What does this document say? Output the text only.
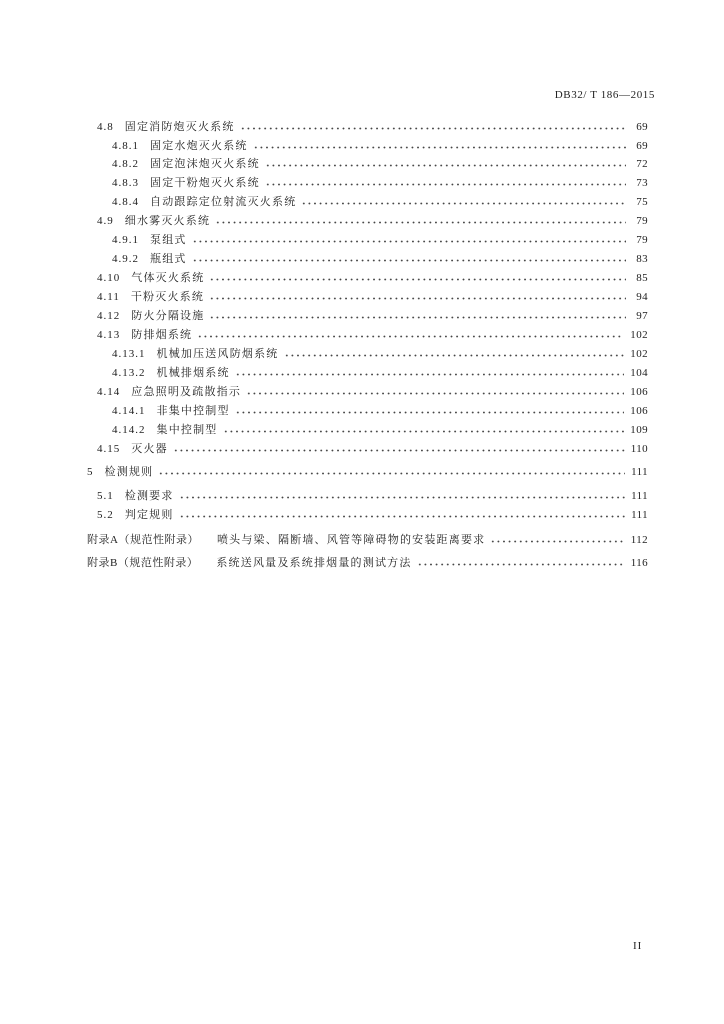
DB32/ T 186—2015
4.8 固定消防炮灭火系统	69
4.8.1 固定水炮灭火系统	69
4.8.2 固定泡沫炮灭火系统	72
4.8.3 固定干粉炮灭火系统	73
4.8.4 自动跟踪定位射流灭火系统	75
4.9 细水雾灭火系统	79
4.9.1 泵组式	79
4.9.2 瓶组式	83
4.10 气体灭火系统	85
4.11 干粉灭火系统	94
4.12 防火分隔设施	97
4.13 防排烟系统	102
4.13.1 机械加压送风防烟系统	102
4.13.2 机械排烟系统	104
4.14 应急照明及疏散指示	106
4.14.1 非集中控制型	106
4.14.2 集中控制型	109
4.15 灭火器	110
5 检测规则	111
5.1 检测要求	111
5.2 判定规则	111
附录A（规范性附录） 喷头与梁、隔断墙、风管等障碍物的安装距离要求	112
附录B（规范性附录） 系统送风量及系统排烟量的测试方法	116
II
